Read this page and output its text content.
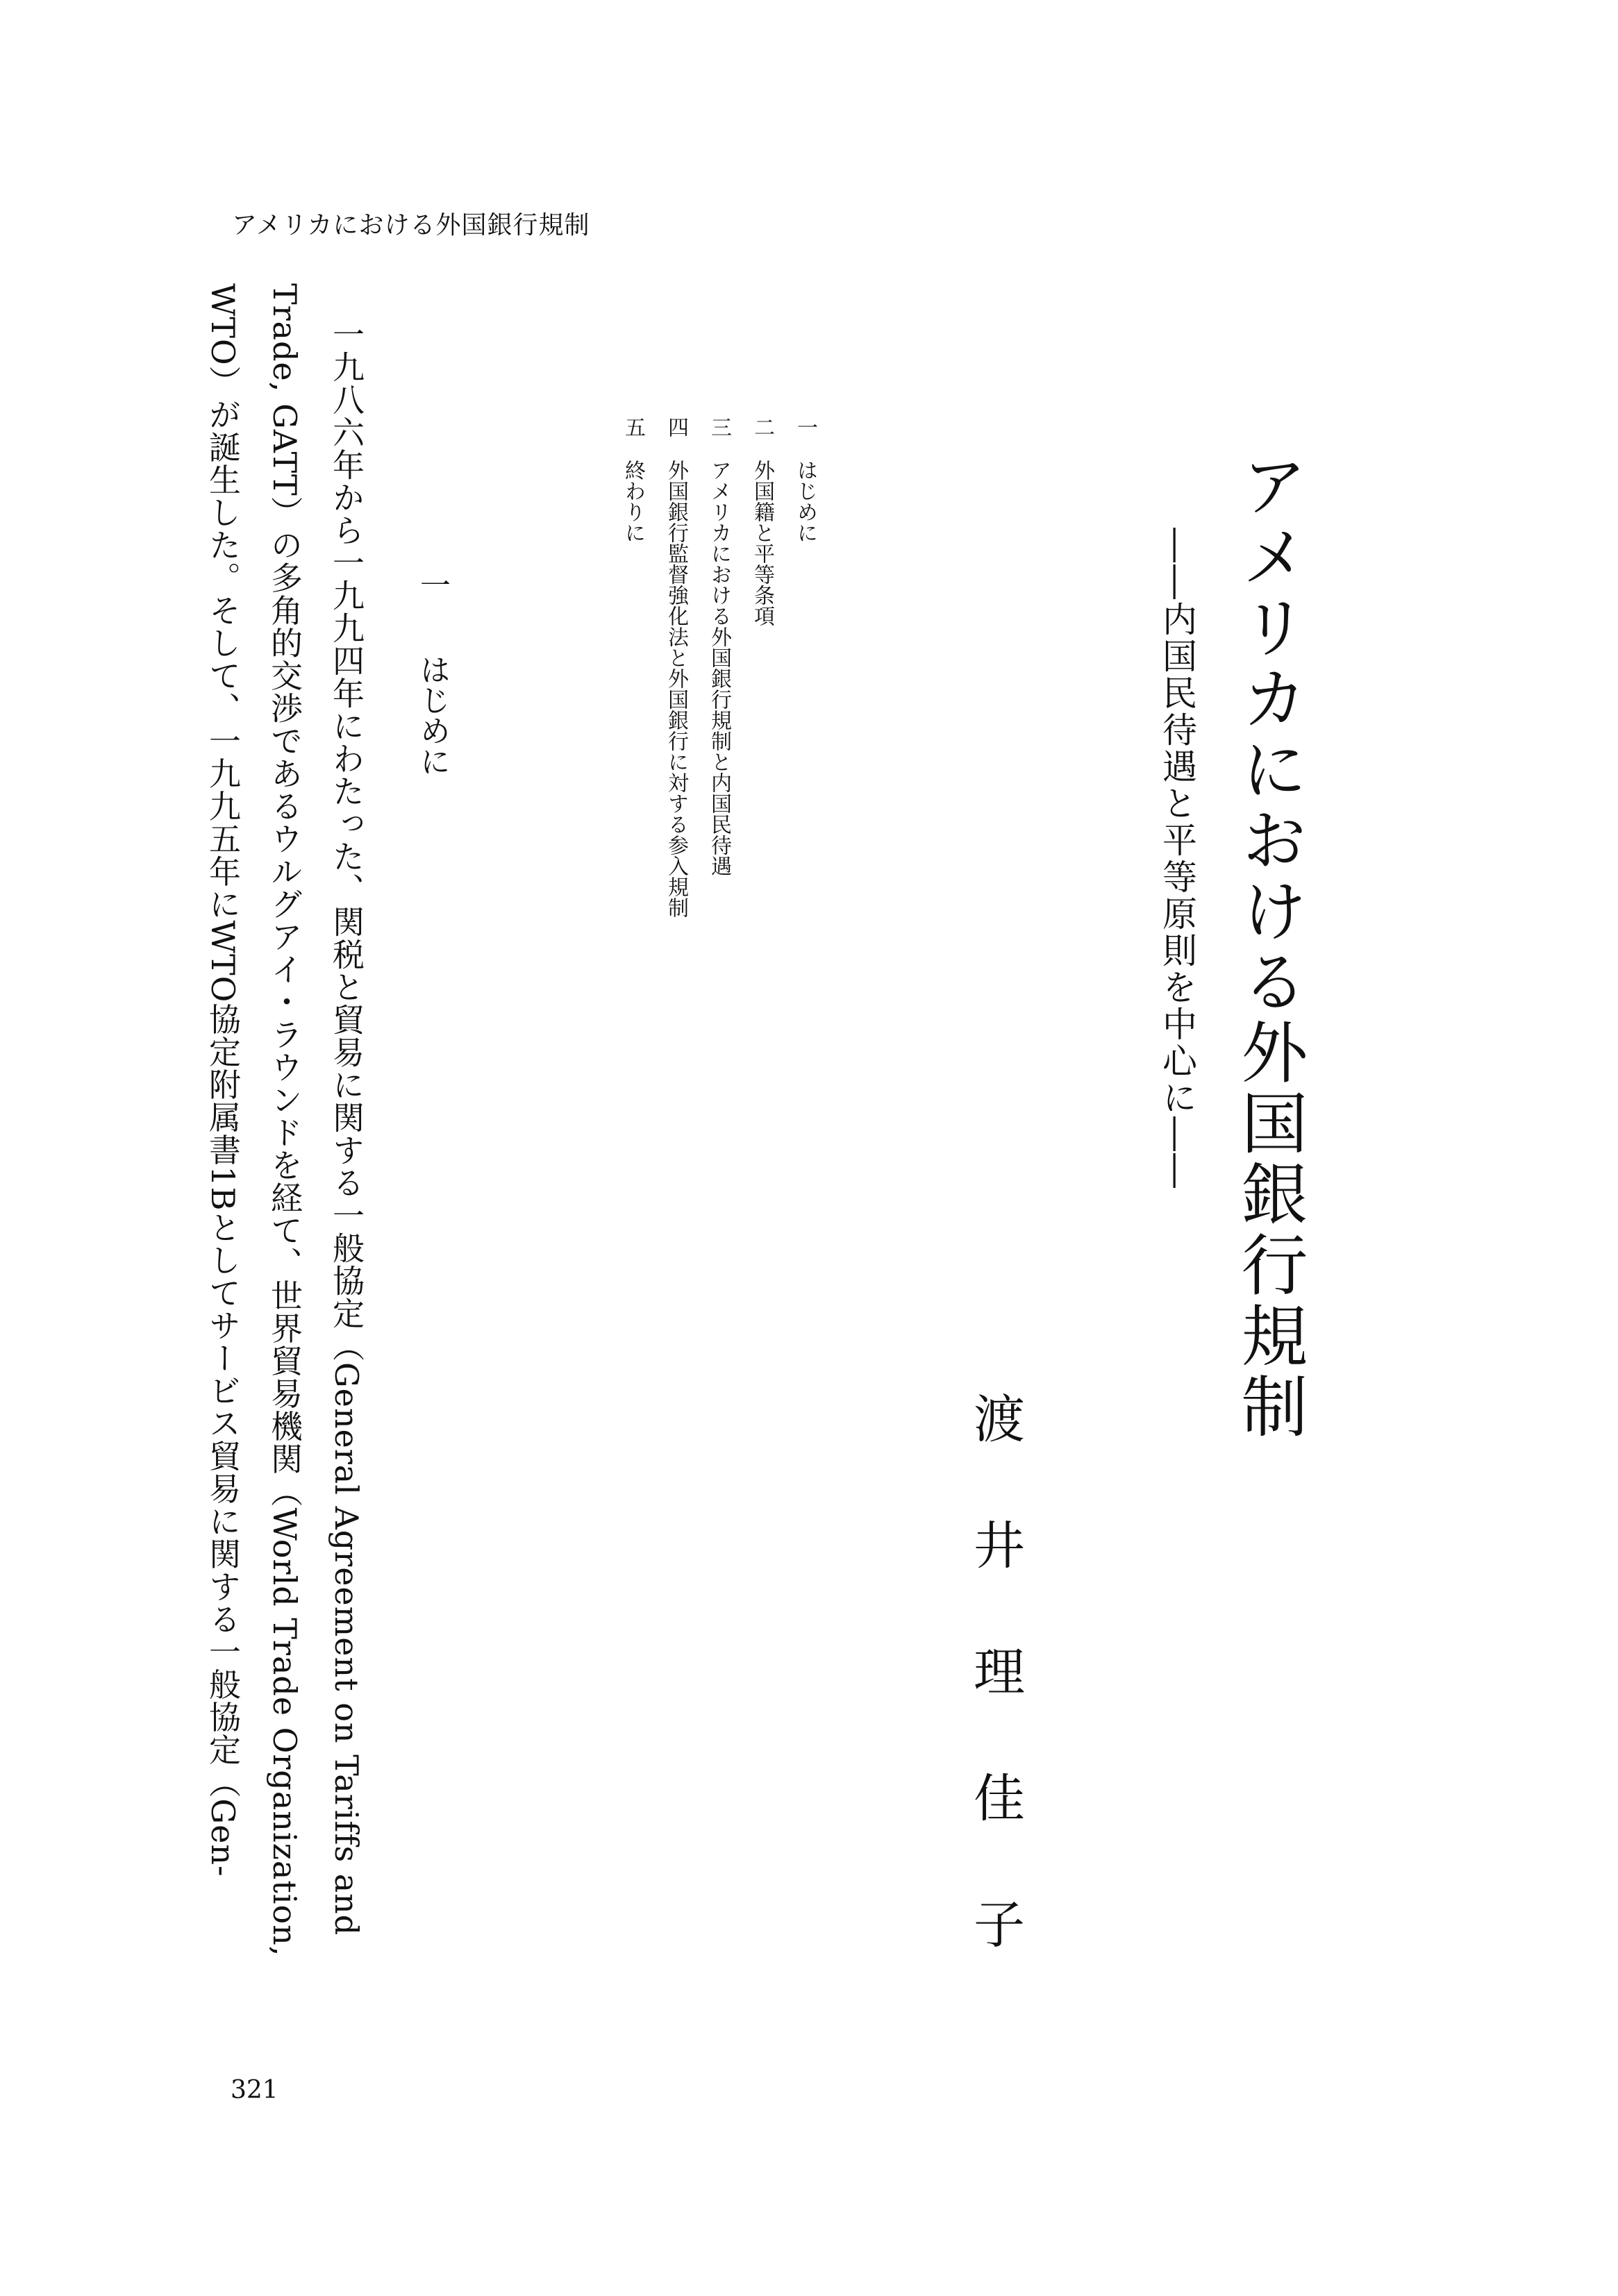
アメリカにおける外国銀行規制
アメリカにおける外国銀行規制
――内国民待遇と平等原則を中心に――
渡井理佳子
一はじめに
二外国籍と平等条項
三アメリカにおける外国銀行規制と内国民待遇
四外国銀行監督強化法と外国銀行に対する参入規制
五終わりに
一はじめに
一九八六年から一九九四年にわたった、関税と貿易に関する一般協定（General Agreement on Tariffs and
Trade, GATT）の多角的交渉であるウルグアイ・ラウンドを経て、世界貿易機関（World Trade Organization,
WTO）が誕生した。そして、一九九五年にWTO協定附属書1Bとしてサービス貿易に関する一般協定（Gen-
321
